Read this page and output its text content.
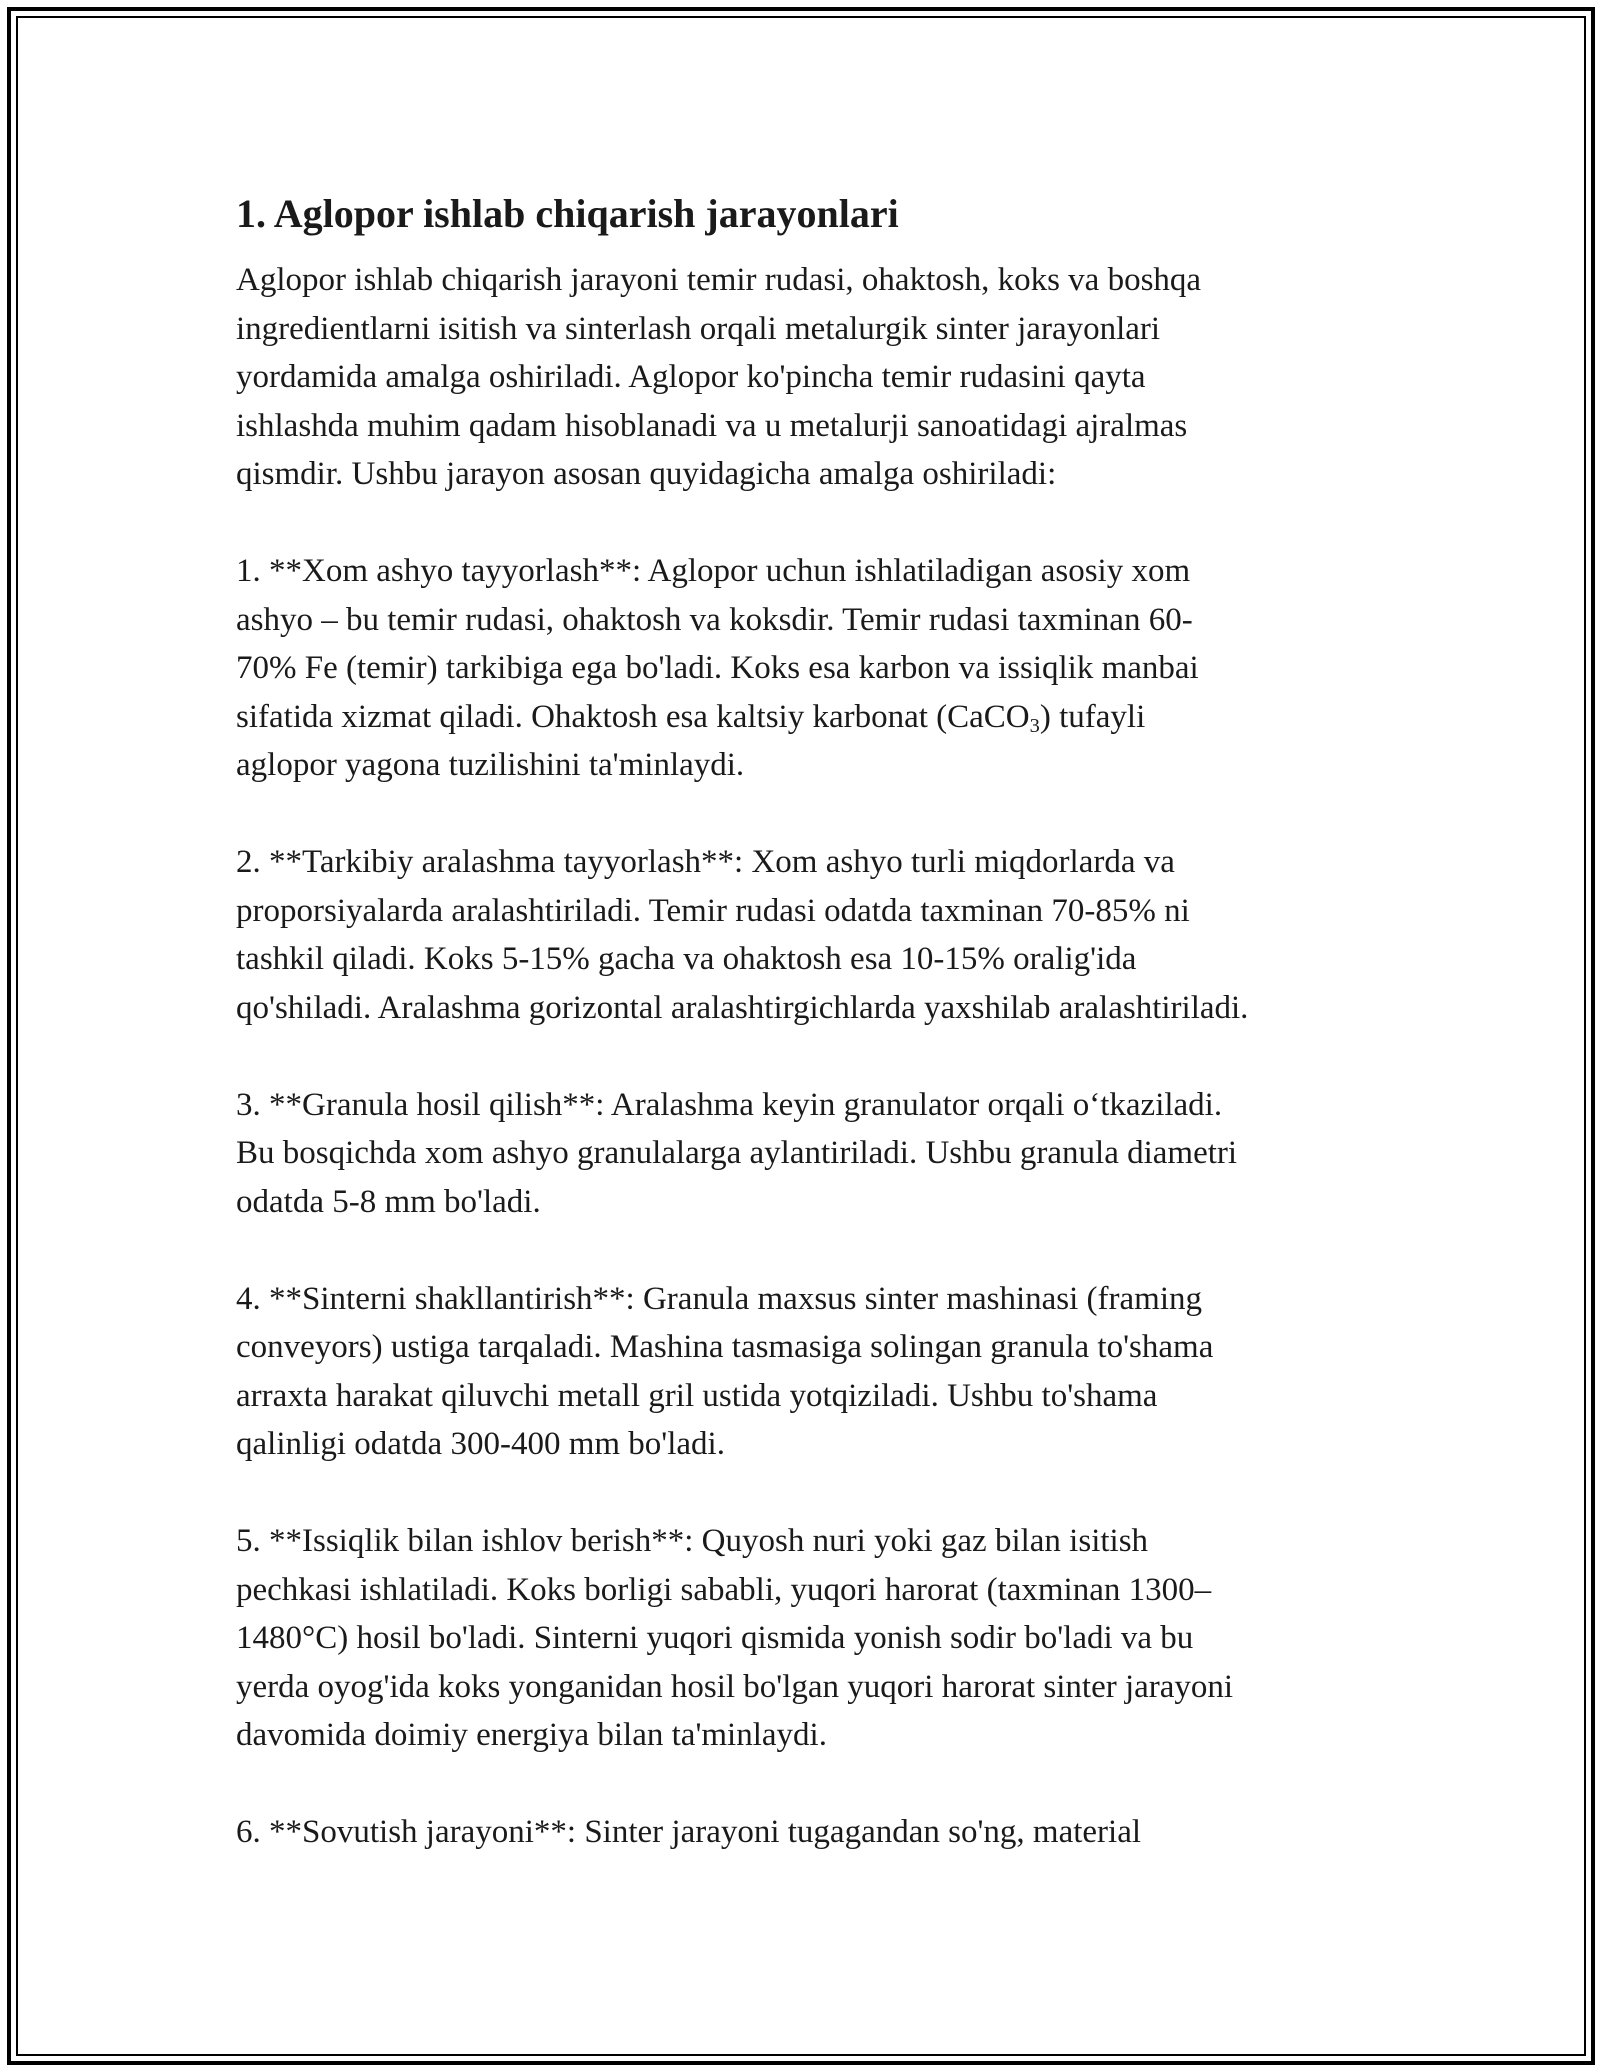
1. Aglopor ishlab chiqarish jarayonlari

Aglopor ishlab chiqarish jarayoni temir rudasi, ohaktosh, koks va boshqa
ingredientlarni isitish va sinterlash orqali metalurgik sinter jarayonlari
yordamida amalga oshiriladi. Aglopor ko'pincha temir rudasini qayta
ishlashda muhim qadam hisoblanadi va u metalurji sanoatidagi ajralmas
qismdir. Ushbu jarayon asosan quyidagicha amalga oshiriladi:

1. **Xom ashyo tayyorlash**: Aglopor uchun ishlatiladigan asosiy xom
ashyo – bu temir rudasi, ohaktosh va koksdir. Temir rudasi taxminan 60-
70% Fe (temir) tarkibiga ega bo'ladi. Koks esa karbon va issiqlik manbai
sifatida xizmat qiladi. Ohaktosh esa kaltsiy karbonat (CaCO$_3$) tufayli
aglopor yagona tuzilishini ta'minlaydi.

2. **Tarkibiy aralashma tayyorlash**: Xom ashyo turli miqdorlarda va
proporsiyalarda aralashtiriladi. Temir rudasi odatda taxminan 70-85% ni
tashkil qiladi. Koks 5-15% gacha va ohaktosh esa 10-15% oralig'ida
qo'shiladi. Aralashma gorizontal aralashtirgichlarda yaxshilab aralashtiriladi.

3. **Granula hosil qilish**: Aralashma keyin granulator orqali o‘tkaziladi.
Bu bosqichda xom ashyo granulalarga aylantiriladi. Ushbu granula diametri
odatda 5-8 mm bo'ladi.

4. **Sinterni shakllantirish**: Granula maxsus sinter mashinasi (framing
conveyors) ustiga tarqaladi. Mashina tasmasiga solingan granula to'shama
arraxta harakat qiluvchi metall gril ustida yotqiziladi. Ushbu to'shama
qalinligi odatda 300-400 mm bo'ladi.

5. **Issiqlik bilan ishlov berish**: Quyosh nuri yoki gaz bilan isitish
pechkasi ishlatiladi. Koks borligi sababli, yuqori harorat (taxminan 1300–
1480°C) hosil bo'ladi. Sinterni yuqori qismida yonish sodir bo'ladi va bu
yerda oyog'ida koks yonganidan hosil bo'lgan yuqori harorat sinter jarayoni
davomida doimiy energiya bilan ta'minlaydi.

6. **Sovutish jarayoni**: Sinter jarayoni tugagandan so'ng, material
